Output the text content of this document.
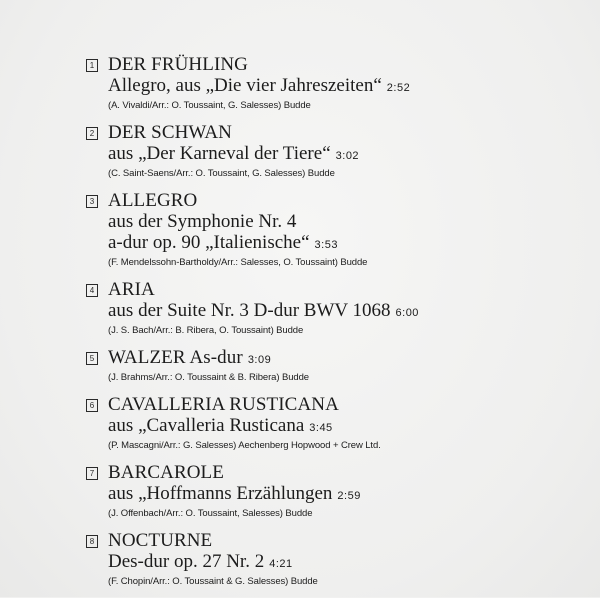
1 DER FRÜHLING
Allegro, aus „Die vier Jahreszeiten“ 2:52
(A. Vivaldi/Arr.: O. Toussaint, G. Salesses) Budde
2 DER SCHWAN
aus „Der Karneval der Tiere“ 3:02
(C. Saint-Saens/Arr.: O. Toussaint, G. Salesses) Budde
3 ALLEGRO
aus der Symphonie Nr. 4
a-dur op. 90 „Italienische“ 3:53
(F. Mendelssohn-Bartholdy/Arr.: Salesses, O. Toussaint) Budde
4 ARIA
aus der Suite Nr. 3 D-dur BWV 1068 6:00
(J. S. Bach/Arr.: B. Ribera, O. Toussaint) Budde
5 WALZER As-dur 3:09
(J. Brahms/Arr.: O. Toussaint & B. Ribera) Budde
6 CAVALLERIA RUSTICANA
aus „Cavalleria Rusticana 3:45
(P. Mascagni/Arr.: G. Salesses) Aechenberg Hopwood + Crew Ltd.
7 BARCAROLE
aus „Hoffmanns Erzählungen 2:59
(J. Offenbach/Arr.: O. Toussaint, Salesses) Budde
8 NOCTURNE
Des-dur op. 27 Nr. 2 4:21
(F. Chopin/Arr.: O. Toussaint & G. Salesses) Budde
